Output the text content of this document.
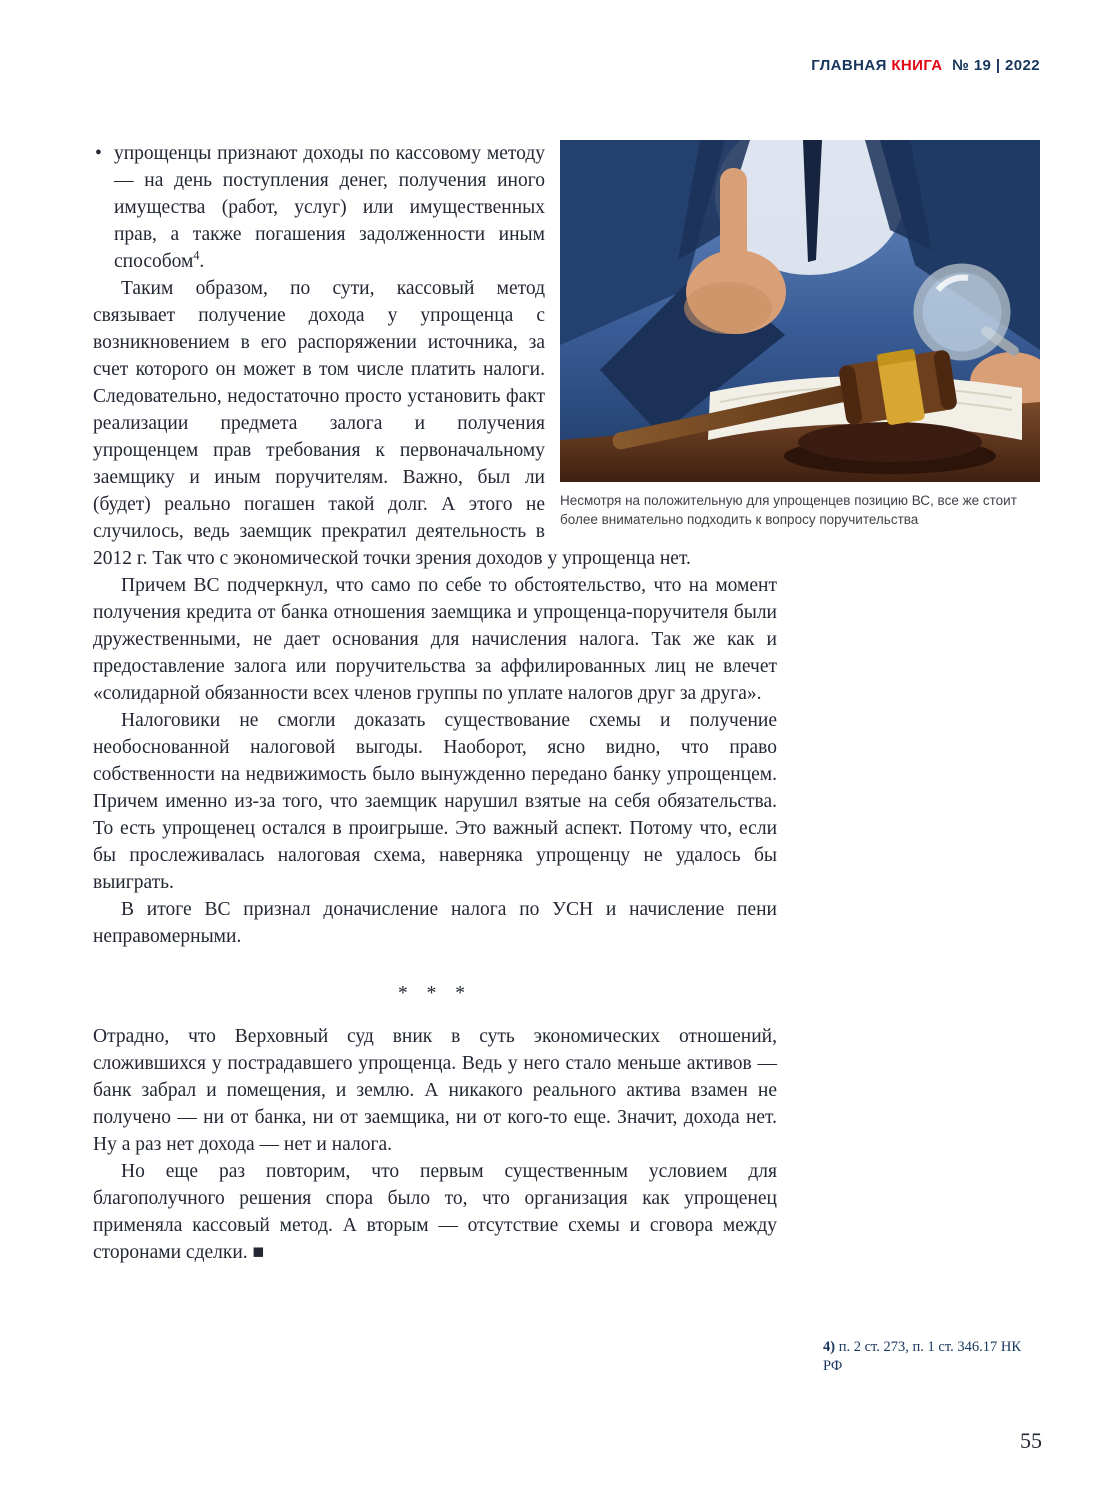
ГЛАВНАЯ КНИГА № 19 | 2022
Несмотря на положительную для упрощенцев позицию ВС, все же стоит более внимательно подходить к вопросу поручительства

• упрощенцы признают доходы по кассовому методу — на день поступления денег, получения иного имущества (работ, услуг) или имущественных прав, а также погашения задолженности иным способом$^4$.

Таким образом, по сути, кассовый метод связывает получение дохода у упрощенца с возникновением в его распоряжении источника, за счет которого он может в том числе платить налоги. Следовательно, недостаточно просто установить факт реализации предмета залога и получения упрощенцем прав требования к первоначальному заемщику и иным поручителям. Важно, был ли (будет) реально погашен такой долг. А этого не случилось, ведь заемщик прекратил деятельность в 2012 г. Так что с экономической точки зрения доходов у упрощенца нет.

Причем ВС подчеркнул, что само по себе то обстоятельство, что на момент получения кредита от банка отношения заемщика и упрощенца-поручителя были дружественными, не дает основания для начисления налога. Так же как и предоставление залога или поручительства за аффилированных лиц не влечет «солидарной обязанности всех членов группы по уплате налогов друг за друга».

Налоговики не смогли доказать существование схемы и получение необоснованной налоговой выгоды. Наоборот, ясно видно, что право собственности на недвижимость было вынужденно передано банку упрощенцем. Причем именно из-за того, что заемщик нарушил взятые на себя обязательства. То есть упрощенец остался в проигрыше. Это важный аспект. Потому что, если бы прослеживалась налоговая схема, наверняка упрощенцу не удалось бы выиграть.

В итоге ВС признал доначисление налога по УСН и начисление пени неправомерными.

* * *

Отрадно, что Верховный суд вник в суть экономических отношений, сложившихся у пострадавшего упрощенца. Ведь у него стало меньше активов — банк забрал и помещения, и землю. А никакого реального актива взамен не получено — ни от банка, ни от заемщика, ни от кого-то еще. Значит, дохода нет. Ну а раз нет дохода — нет и налога.

Но еще раз повторим, что первым существенным условием для благополучного решения спора было то, что организация как упрощенец применяла кассовый метод. А вторым — отсутствие схемы и сговора между сторонами сделки. ■

4) п. 2 ст. 273, п. 1 ст. 346.17 НК РФ
55
